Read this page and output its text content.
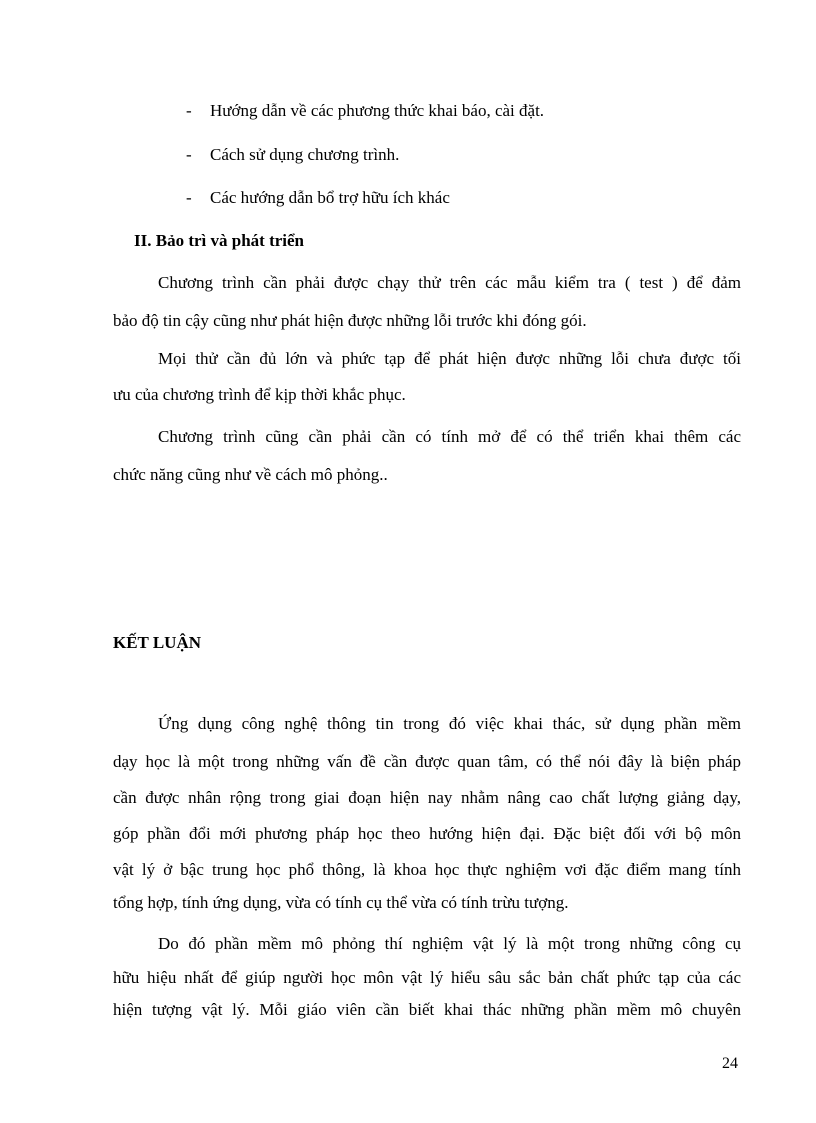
- Hướng dẫn về các phương thức khai báo, cài đặt.
- Cách sử dụng chương trình.
- Các hướng dẫn bổ trợ hữu ích khác
II. Bảo trì và phát triển
Chương trình cần phải được chạy thử trên các mẫu kiểm tra ( test ) để đảm
bảo độ tin cậy cũng như phát hiện được những lỗi trước khi đóng gói.
Mọi thử cần đủ lớn và phức tạp để phát hiện được những lỗi chưa được tối
ưu của chương trình để kịp thời khắc phục.
Chương trình cũng cần phải cần có tính mở để có thể triển khai thêm các
chức năng cũng như về cách mô phỏng..
KẾT LUẬN
Ứng dụng công nghệ thông tin trong đó việc khai thác, sử dụng phần mềm
dạy học là một trong những vấn đề cần được quan tâm, có thể nói đây là biện pháp
cần được nhân rộng trong giai đoạn hiện nay nhằm nâng cao chất lượng giảng dạy,
góp phần đổi mới phương pháp học theo hướng hiện đại. Đặc biệt đối với bộ môn
vật lý ở bậc trung học phổ thông, là khoa học thực nghiệm vơi đặc điểm mang tính
tổng hợp, tính ứng dụng, vừa có tính cụ thể vừa có tính trừu tượng.
Do đó phần mềm mô phỏng thí nghiệm vật lý là một trong những công cụ
hữu hiệu nhất để giúp người học môn vật lý hiểu sâu sắc bản chất phức tạp của các
hiện tượng vật lý. Mỗi giáo viên cần biết khai thác những phần mềm mô chuyên
24
